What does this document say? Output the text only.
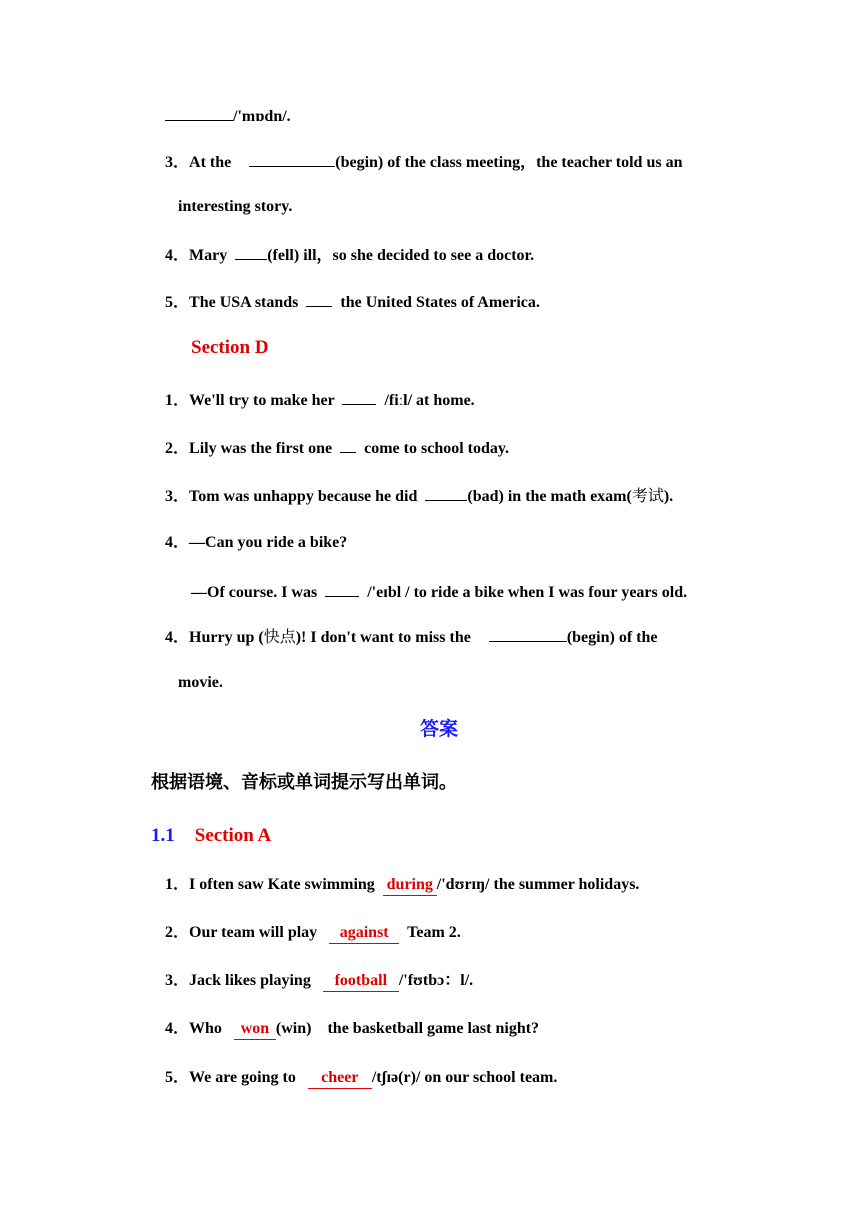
/'mɒdn/.
3．At the	(begin) of the class meeting，the teacher told us an
interesting story.
4．Mary	(fell) ill，so she decided to see a doctor.
5．The USA stands	the United States of America.
Section D
1．We'll try to make her	/fiːl/ at home.
2．Lily was the first one come to school today.
3．Tom was unhappy because he did	(bad) in the math exam(考试).
4．—Can you ride a bike?
—Of course. I was	/'eɪbl / to ride a bike when I was four years old.
4．Hurry up (快点)! I don't want to miss the	(begin) of the
movie.
答案
根据语境、音标或单词提示写出单词。
1.1 Section A
1．I often saw Kate swimming during /'dʊrɪŋ/ the summer holidays.
2．Our team will play against Team 2.
3．Jack likes playing football /'fʊtbɔ：l/.
4．Who won (win)　the basketball game last night?
5．We are going to cheer /tʃɪə(r)/ on our school team.
